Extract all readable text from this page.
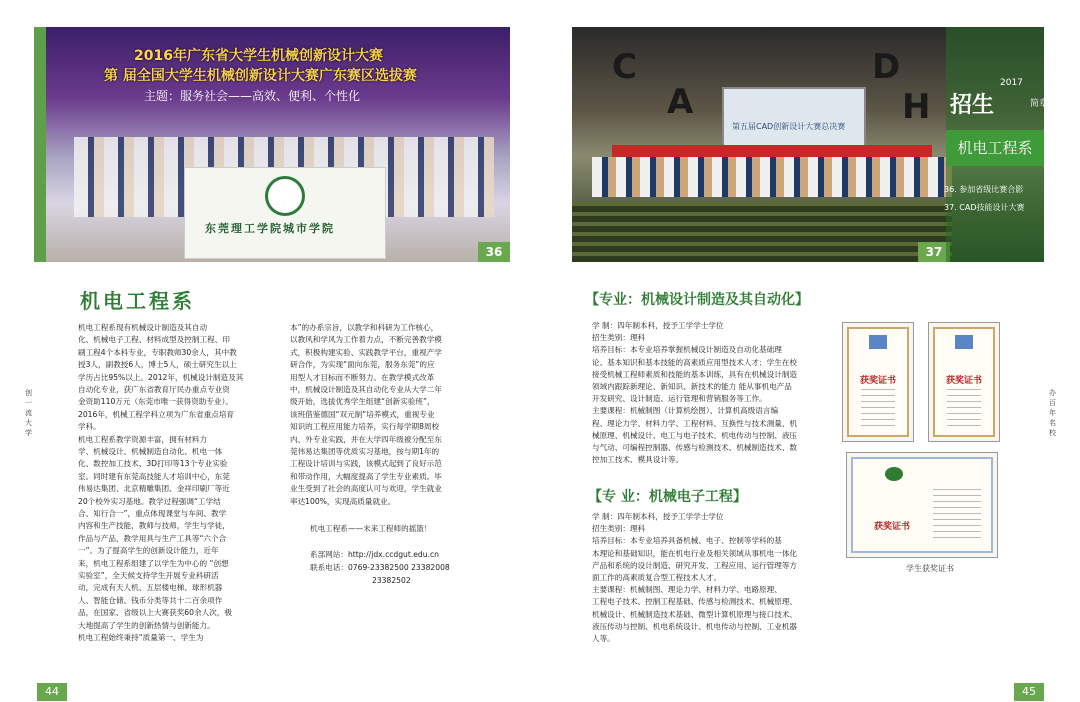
2016年广东省大学生机械创新设计大赛
第 届全国大学生机械创新设计大赛广东赛区选拔赛
主题：服务社会——高效、便利、个性化
东莞理工学院城市学院
36
C
A
D
H
第五届CAD创新设计大赛总决赛
37
招生
2017
简章
机电工程系
36. 参加省级比赛合影
37. CAD技能设计大赛
机电工程系
机电工程系现有机械设计制造及其自动
化、机械电子工程、材料成型及控制工程、印
刷工程4个本科专业，专职教师30余人，其中教
授3人，副教授6人，博士5人，硕士研究生以上
学历占比95%以上。2012年，机械设计制造及其
自动化专业，获广东省教育厅民办重点专业资
金资助110万元（东莞市唯一获得资助专业）。
2016年，机械工程学科立项为广东省重点培育
学科。
机电工程系教学资源丰富，拥有材料力
学、机械设计、机械制造自动化、机电一体
化、数控加工技术、3D打印等13个专业实验
室。同时建有东莞高技能人才培训中心，东莞
伟易达集团、北京精雕集团、金祥印刷厂等近
20个校外实习基地。教学过程强调“工学结
合、知行合一”，重点体现课堂与车间、教学
内容和生产技能，教师与技师，学生与学徒，
作品与产品，教学用具与生产工具等“六个合
一”。为了提高学生的创新设计能力，近年
来，机电工程系组建了以学生为中心的 “创想
实验室”，全天候支持学生开展专业科研活
动，完成有天人机、五层楼电梯、球形机器
人、智能仓储、钱币分类等共十二百余项作
品，在国家、省级以上大赛获奖60余人次，极
大地提高了学生的创新热情与创新能力。
机电工程始终秉持“质量第一、学生为
本”的办系宗旨，以教学和科研为工作核心，
以教风和学风为工作着力点，不断完善教学模
式，积极构建实验、实践教学平台，重视产学
研合作，为实现“面向东莞，服务东莞”的应
用型人才目标而不断努力。在教学模式改革
中，机械设计制造及其自动化专业从大学二年
级开始，选拔优秀学生组建“创新实验班”，
该班借鉴德国“双元制”培养模式，重视专业
知识的工程应用能力培养，实行每学期8周校
内、外专业实践，并在大学四年级被分配至东
莞伟易达集团等优质实习基地，按与期1年的
工程设计培训与实践，该模式起到了良好示范
和带动作用，大幅度提高了学生专业素质。毕
业生受到了社会的高度认可与欢迎，学生就业
率达100%，实现高质量就业。
机电工程系——未来工程师的摇篮！
系部网站：http://jdx.ccdgut.edu.cn
联系电话：0769-23382500 23382008
23382502
创一流大学
44
【专业：机械设计制造及其自动化】
学 制：四年制本科，授予工学学士学位
招生类别：理科
培养目标：本专业培养掌握机械设计制造及自动化基础理
论、基本知识和基本技能的高素质应用型技术人才；学生在校
接受机械工程师素质和技能的基本训练，具有在机械设计制造
领域内跟踪新理论、新知识、新技术的能力 能从事机电产品
开发研究、设计制造、运行管理和营销服务等工作。
主要课程：机械制图（计算机绘图）、计算机高级语言编
程、理论力学、材料力学、工程材料、互换性与技术测量、机
械原理、机械设计、电工与电子技术、机电传动与控制、液压
与气动、可编程控制器、传感与检测技术、机械制造技术、数
控加工技术、模具设计等。
【专 业：机械电子工程】
学 制：四年制本科，授予工学学士学位
招生类别：理科
培养目标：本专业培养具备机械、电子、控制等学科的基
本理论和基础知识，能在机电行业及相关领域从事机电一体化
产品和系统的设计制造、研究开发、工程应用、运行管理等方
面工作的高素质复合型工程技术人才。
主要课程：机械制图、理论力学、材料力学、电路原理、
工程电子技术、控制工程基础、传感与检测技术、机械原理、
机械设计、机械制造技术基础、微型计算机原理与接口技术、
液压传动与控制、机电系统设计、机电传动与控制、工业机器
人等。
获奖证书	获奖证书
获奖证书
学生获奖证书
办百年名校
45
